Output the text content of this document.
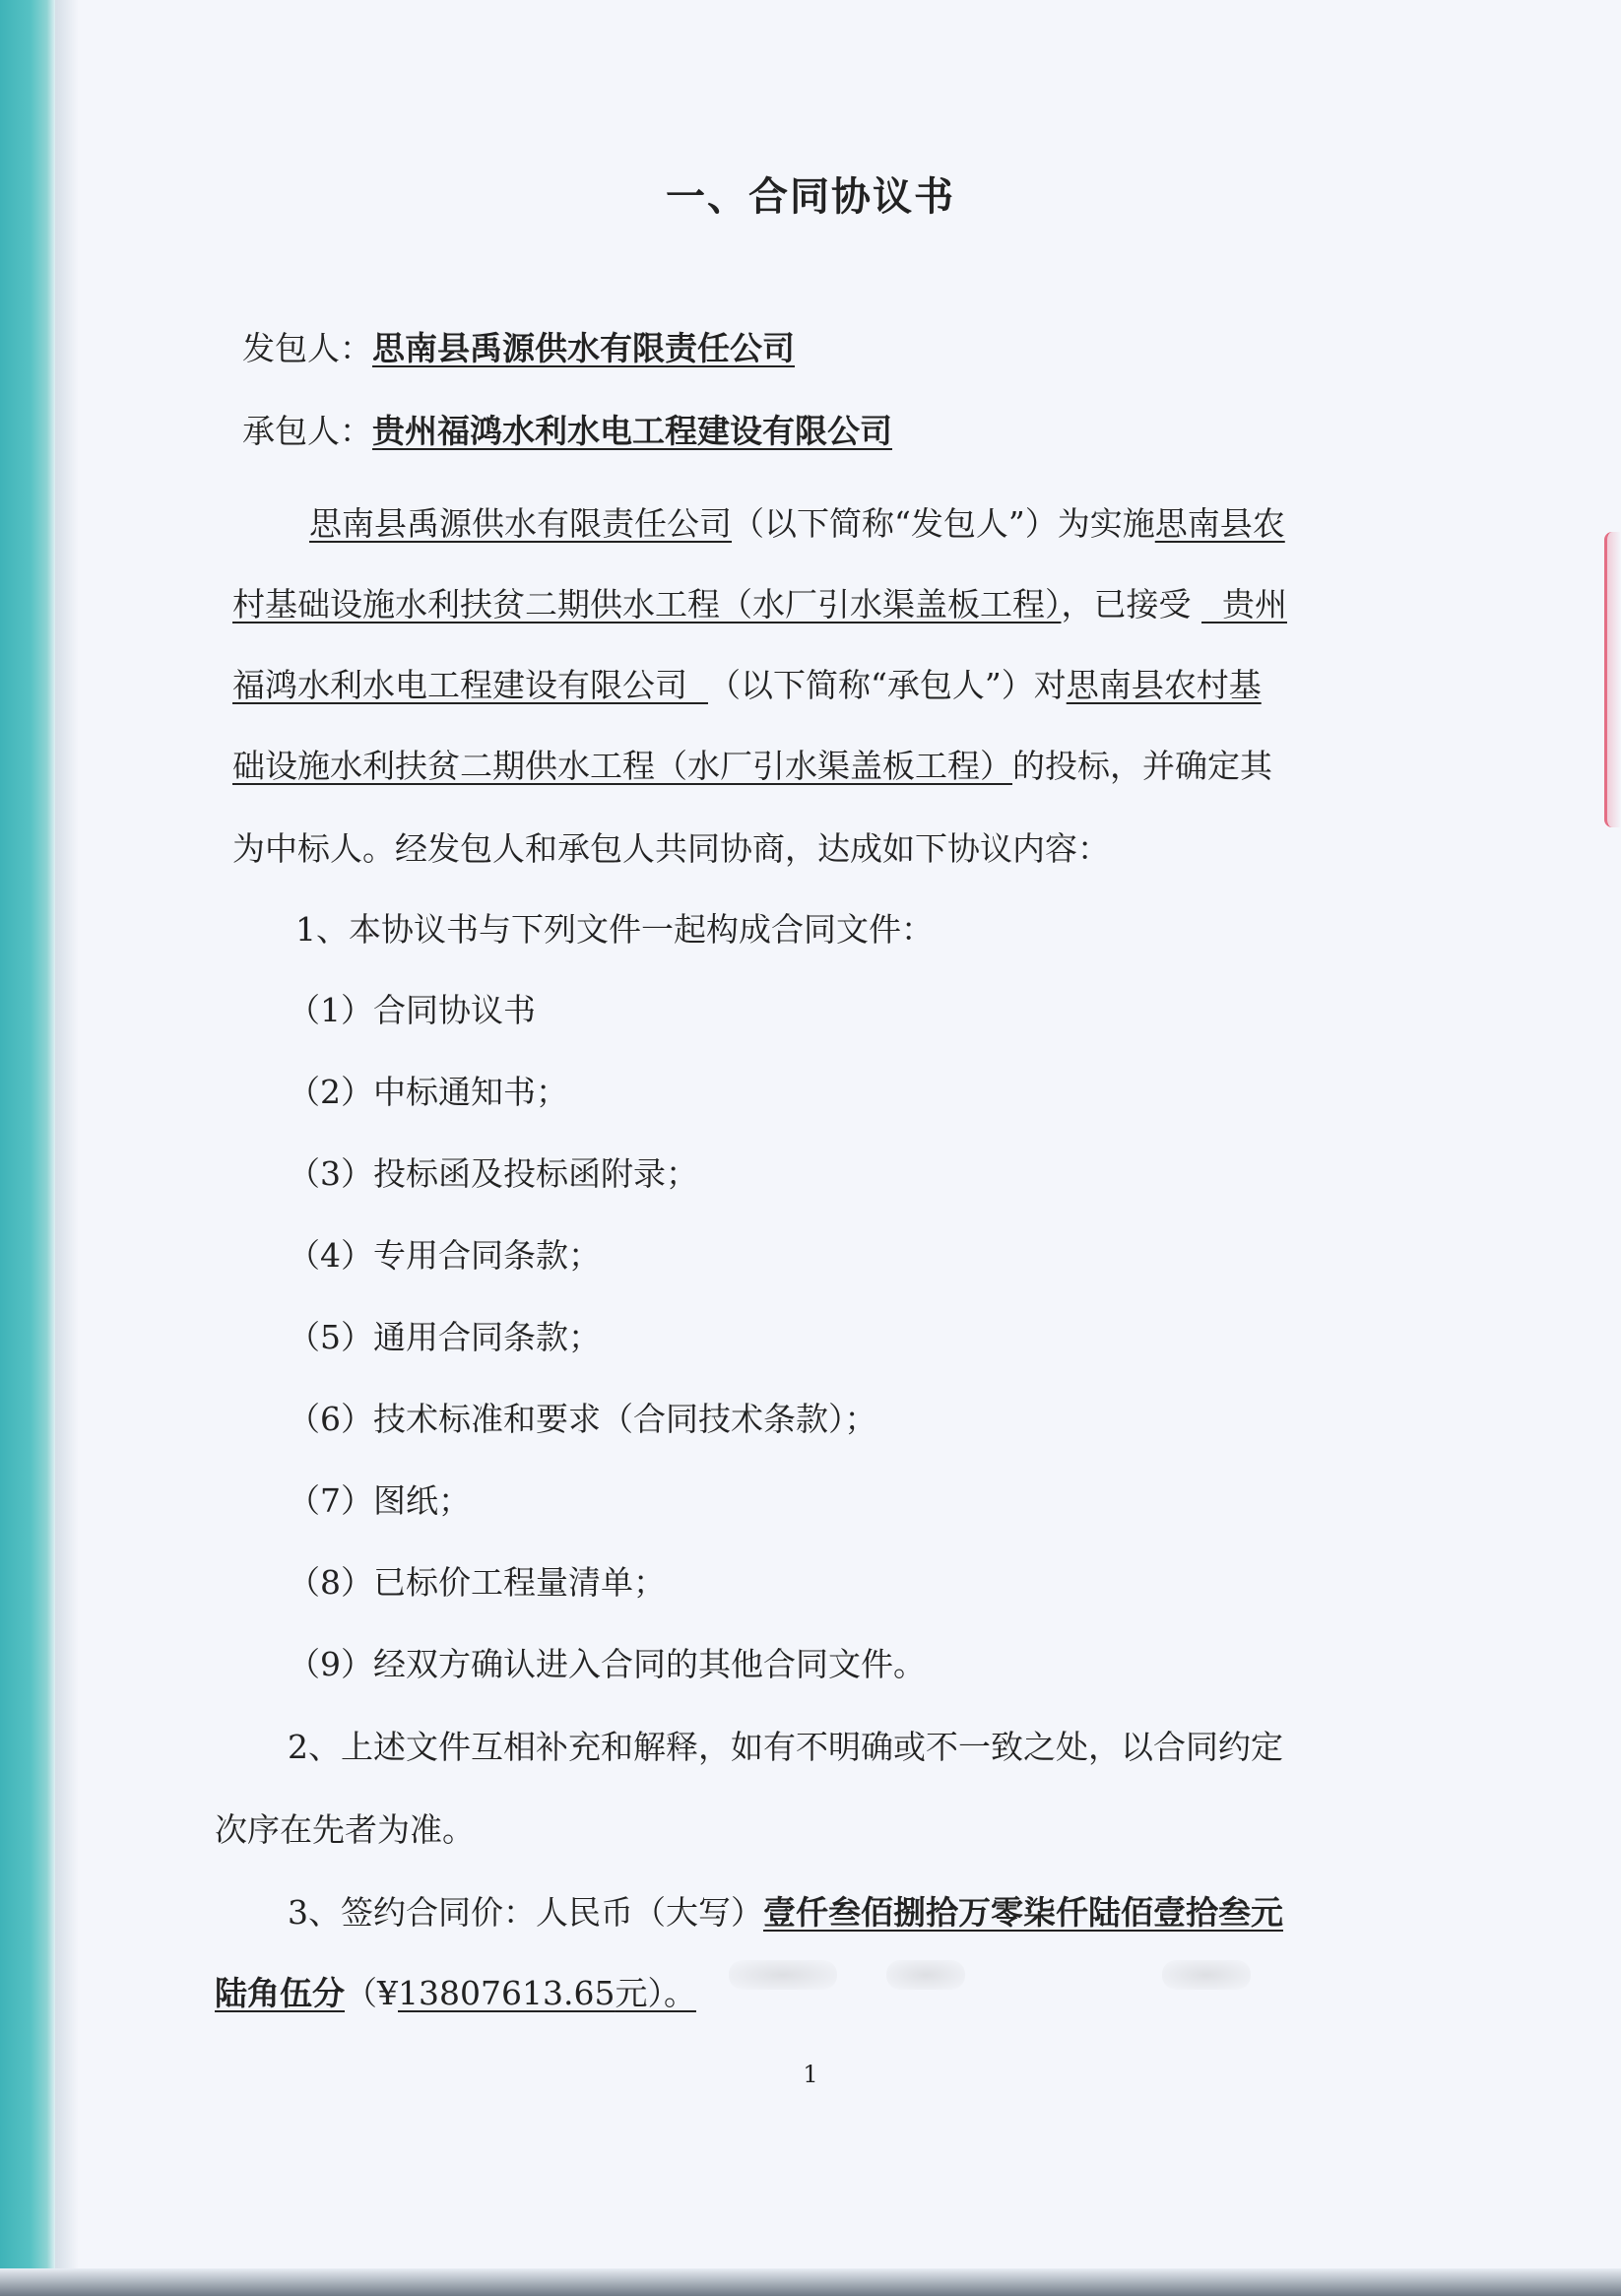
一、合同协议书
发包人：思南县禹源供水有限责任公司
承包人：贵州福鸿水利水电工程建设有限公司
思南县禹源供水有限责任公司（以下简称“发包人”）为实施思南县农
村基础设施水利扶贫二期供水工程（水厂引水渠盖板工程），已接受   贵州
福鸿水利水电工程建设有限公司  （以下简称“承包人”）对思南县农村基
础设施水利扶贫二期供水工程（水厂引水渠盖板工程）的投标，并确定其
为中标人。经发包人和承包人共同协商，达成如下协议内容：
1、本协议书与下列文件一起构成合同文件：
（1）合同协议书
（2）中标通知书；
（3）投标函及投标函附录；
（4）专用合同条款；
（5）通用合同条款；
（6）技术标准和要求（合同技术条款）；
（7）图纸；
（8）已标价工程量清单；
（9）经双方确认进入合同的其他合同文件。
2、上述文件互相补充和解释，如有不明确或不一致之处，以合同约定
次序在先者为准。
3、签约合同价：人民币（大写）壹仟叁佰捌拾万零柒仟陆佰壹拾叁元
陆角伍分（¥13807613.65元）。
1
